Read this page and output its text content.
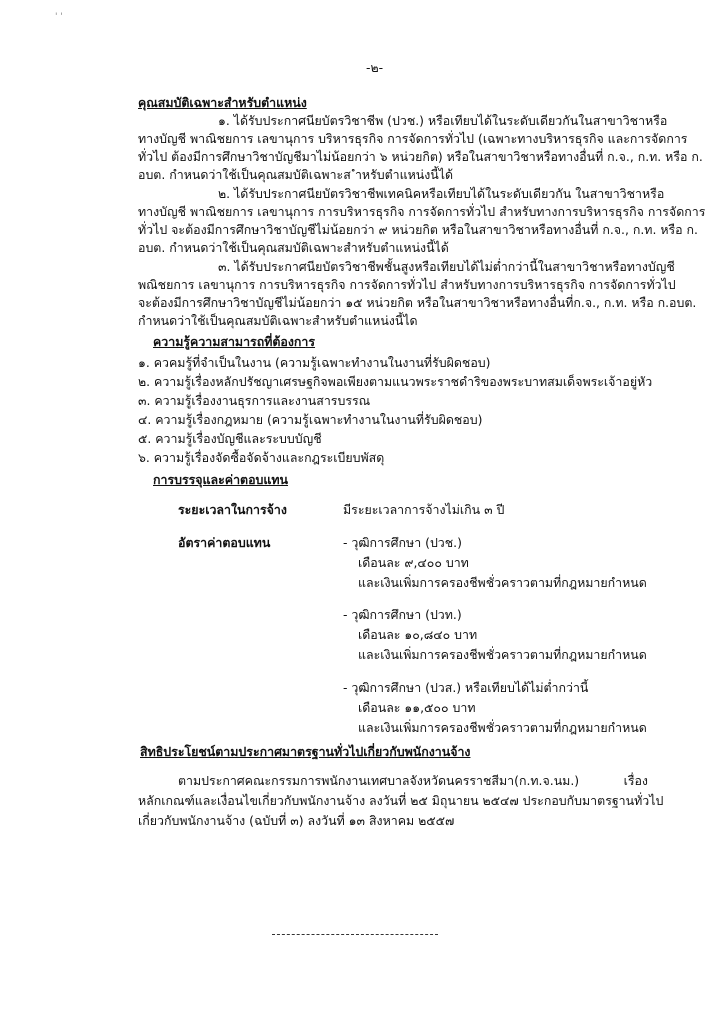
' '
-๒-
คุณสมบัติเฉพาะสำหรับตำแหน่ง
๑. ได้รับประกาศนียบัตรวิชาชีพ (ปวช.) หรือเทียบได้ในระดับเดียวกันในสาขาวิชาหรือ
ทางบัญชี พาณิชยการ เลขานุการ บริหารธุรกิจ การจัดการทั่วไป (เฉพาะทางบริหารธุรกิจ และการจัดการ
ทั่วไป ต้องมีการศึกษาวิชาบัญชีมาไม่น้อยกว่า ๖ หน่วยกิต) หรือในสาขาวิชาหรือทางอื่นที่ ก.จ., ก.ท. หรือ ก.
อบต. กำหนดว่าใช้เป็นคุณสมบัติเฉพาะส ำหรับตำแหน่งนี้ได้
๒. ได้รับประกาศนียบัตรวิชาชีพเทคนิคหรือเทียบได้ในระดับเดียวกัน ในสาขาวิชาหรือ
ทางบัญชี พาณิชยการ เลขานุการ การบริหารธุรกิจ การจัดการทั่วไป สำหรับทางการบริหารธุรกิจ การจัดการ
ทั่วไป จะต้องมีการศึกษาวิชาบัญชีไม่น้อยกว่า ๙ หน่วยกิต หรือในสาขาวิชาหรือทางอื่นที่ ก.จ., ก.ท. หรือ ก.
อบต. กำหนดว่าใช้เป็นคุณสมบัติเฉพาะสำหรับตำแหน่งนี้ได้
๓. ได้รับประกาศนียบัตรวิชาชีพชั้นสูงหรือเทียบได้ไม่ต่ำกว่านี้ในสาขาวิชาหรือทางบัญชี
พณิชยการ เลขานุการ การบริหารธุรกิจ การจัดการทั่วไป สำหรับทางการบริหารธุรกิจ การจัดการทั่วไป
จะต้องมีการศึกษาวิชาบัญชีไม่น้อยกว่า ๑๕ หน่วยกิต หรือในสาขาวิชาหรือทางอื่นที่ก.จ., ก.ท. หรือ ก.อบต.
กำหนดว่าใช้เป็นคุณสมบัติเฉพาะสำหรับตำแหน่งนี้ได
ความรู้ความสามารถที่ต้องการ
๑. ควคมรู้ที่จำเป็นในงาน (ความรู้เฉพาะทำงานในงานที่รับผิดชอบ)
๒. ความรู้เรื่องหลักปรัชญาเศรษฐกิจพอเพียงตามแนวพระราชดำริของพระบาทสมเด็จพระเจ้าอยู่หัว
๓. ความรู้เรื่องงานธุรการและงานสารบรรณ
๔. ความรู้เรื่องกฎหมาย (ความรู้เฉพาะทำงานในงานที่รับผิดชอบ)
๕. ความรู้เรื่องบัญชีและระบบบัญชี
๖. ความรู้เรื่องจัดซื้อจัดจ้างและกฎระเบียบพัสดุ
การบรรจุและค่าตอบแทน
ระยะเวลาในการจ้าง	มีระยะเวลาการจ้างไม่เกิน ๓ ปี
อัตราค่าตอบแทน	- วุฒิการศึกษา (ปวช.)
เดือนละ ๙,๔๐๐ บาท
และเงินเพิ่มการครองชีพชั่วคราวตามที่กฎหมายกำหนด
- วุฒิการศึกษา (ปวท.)
เดือนละ ๑๐,๘๔๐ บาท
และเงินเพิ่มการครองชีพชั่วคราวตามที่กฎหมายกำหนด
- วุฒิการศึกษา (ปวส.) หรือเทียบได้ไม่ต่ำกว่านี้
เดือนละ ๑๑,๕๐๐ บาท
และเงินเพิ่มการครองชีพชั่วคราวตามที่กฎหมายกำหนด
สิทธิประโยชน์ตามประกาศมาตรฐานทั่วไปเกี่ยวกับพนักงานจ้าง
ตามประกาศคณะกรรมการพนักงานเทศบาลจังหวัดนครราชสีมา(ก.ท.จ.นม.) เรื่อง
หลักเกณฑ์และเงื่อนไขเกี่ยวกับพนักงานจ้าง ลงวันที่ ๒๕ มิถุนายน ๒๕๔๗ ประกอบกับมาตรฐานทั่วไป
เกี่ยวกับพนักงานจ้าง (ฉบับที่ ๓) ลงวันที่ ๑๓ สิงหาคม ๒๕๕๗
